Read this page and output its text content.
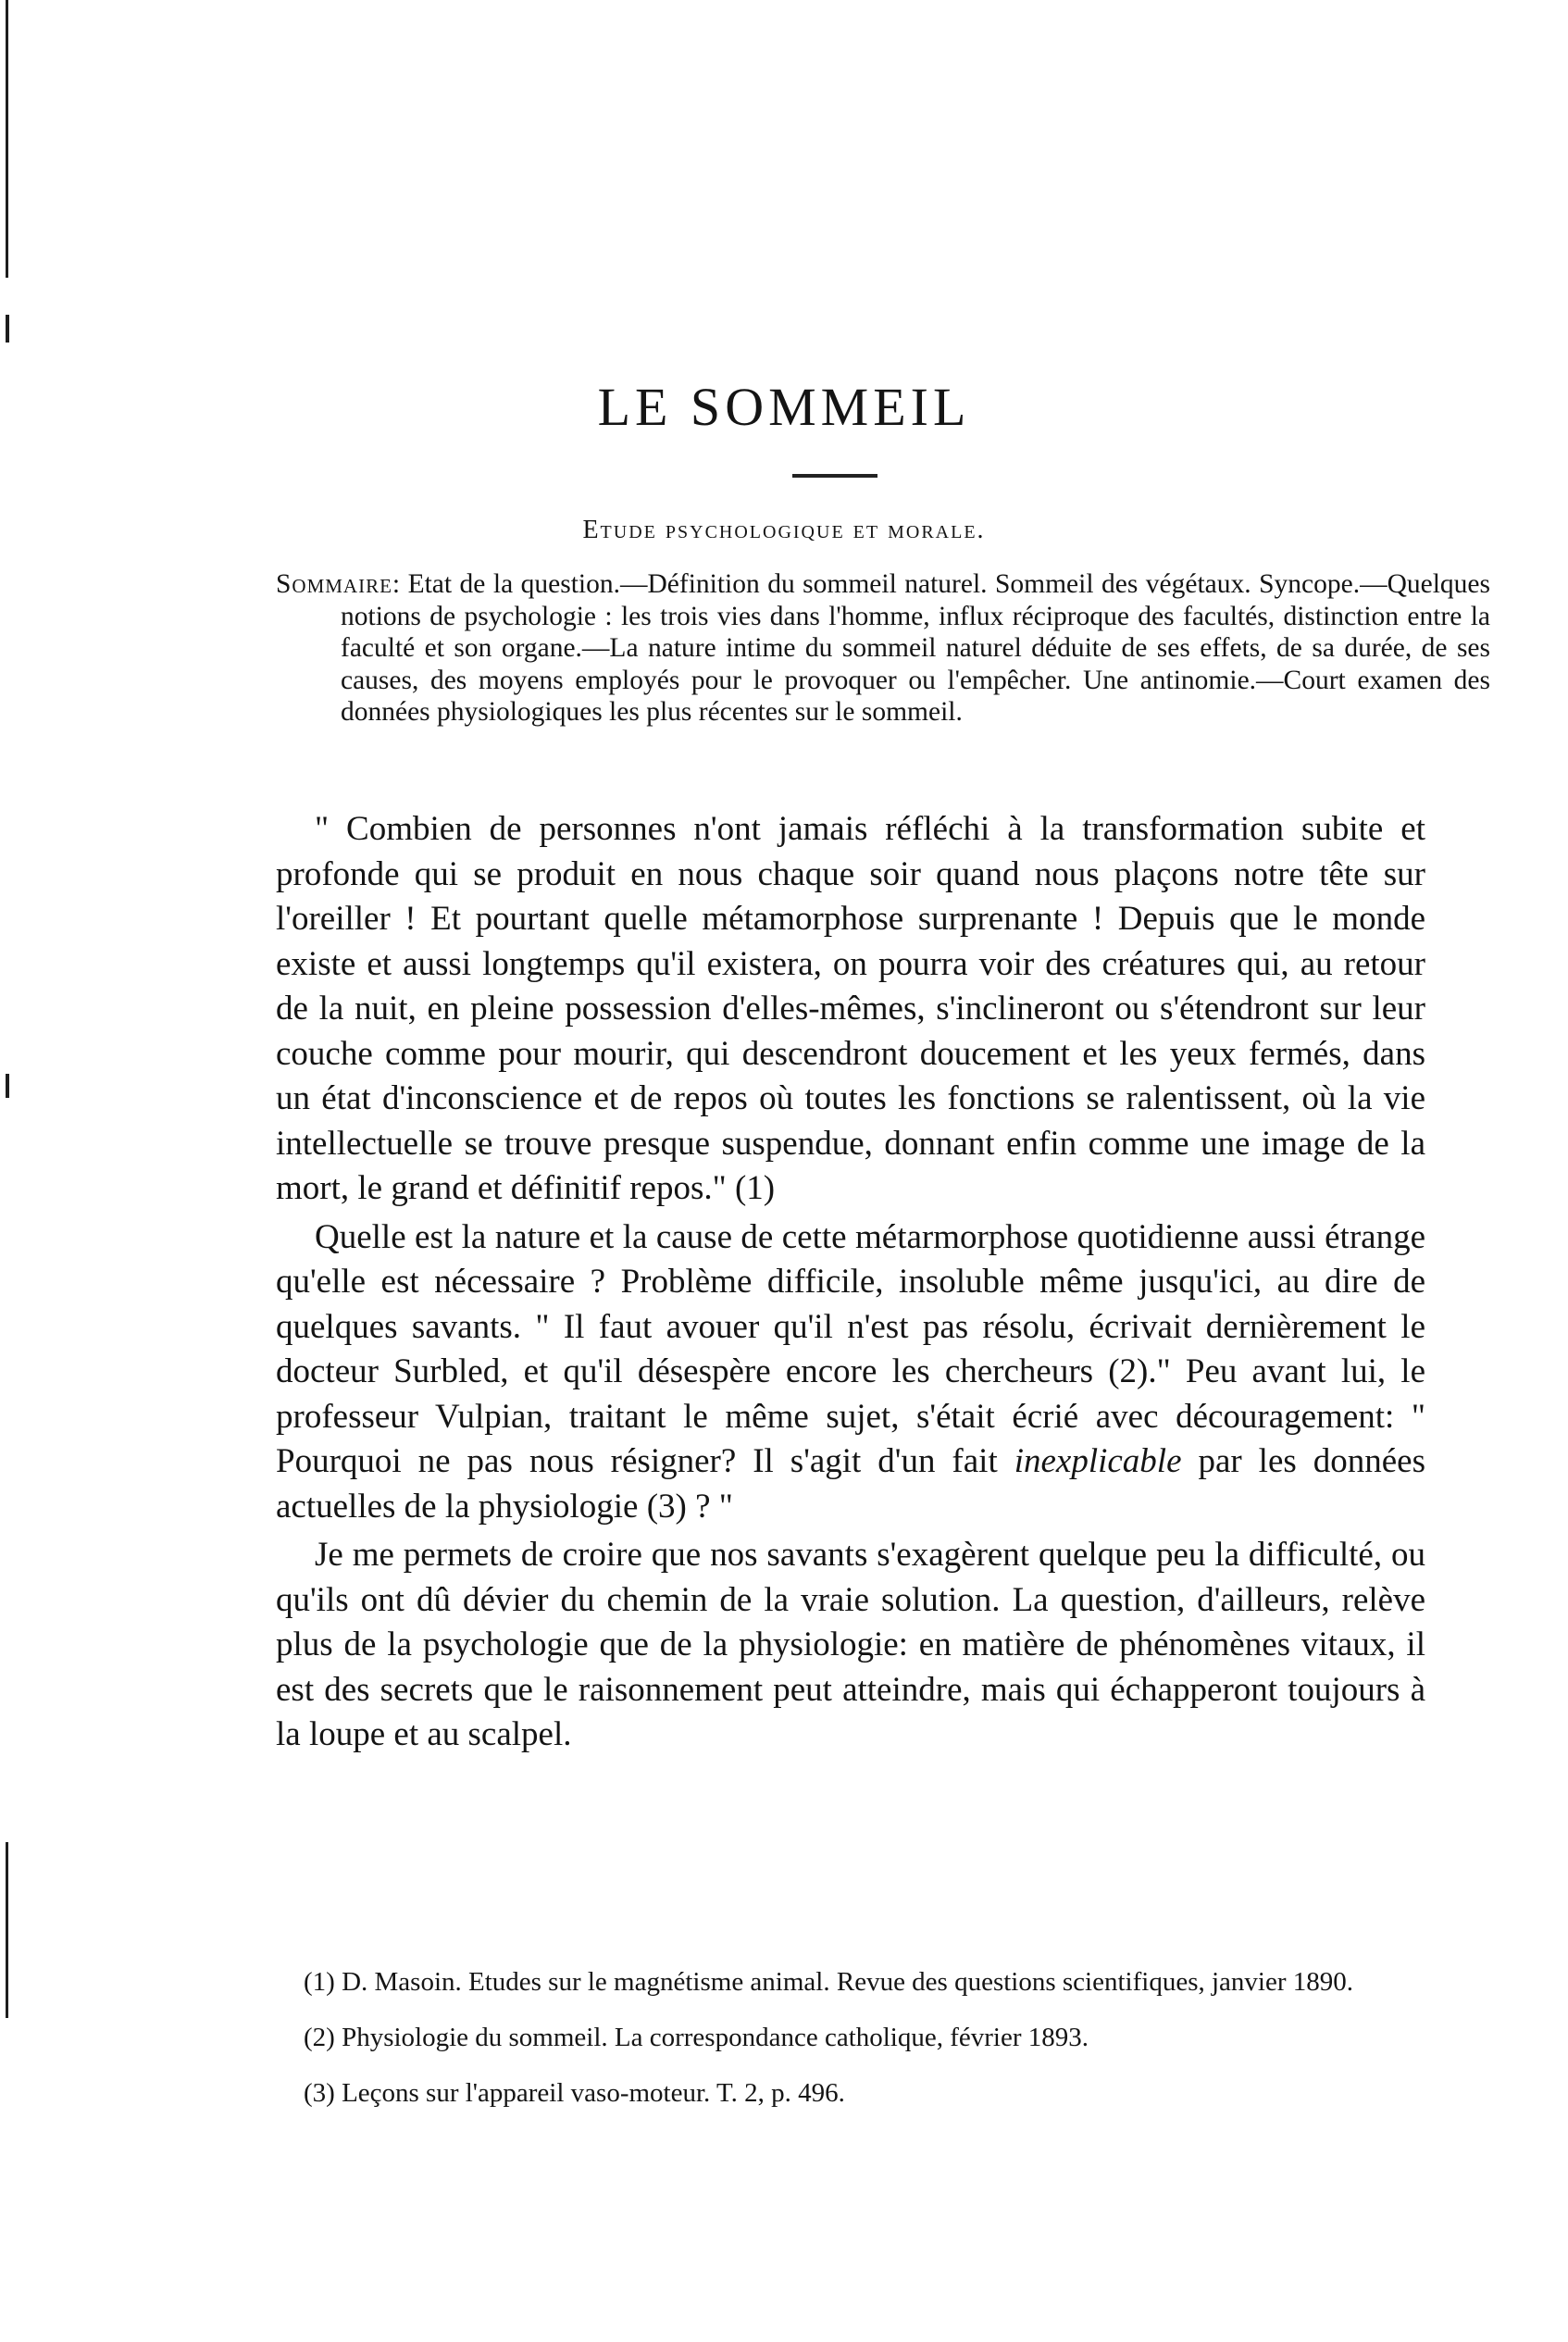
LE SOMMEIL
Etude psychologique et morale.
Sommaire: Etat de la question.—Définition du sommeil naturel. Sommeil des végétaux. Syncope.—Quelques notions de psychologie : les trois vies dans l'homme, influx réciproque des facultés, distinction entre la faculté et son organe.—La nature intime du sommeil naturel déduite de ses effets, de sa durée, de ses causes, des moyens employés pour le provoquer ou l'empêcher. Une antinomie.—Court examen des données physiologiques les plus récentes sur le sommeil.

" Combien de personnes n'ont jamais réfléchi à la transformation subite et profonde qui se produit en nous chaque soir quand nous plaçons notre tête sur l'oreiller ! Et pourtant quelle métamorphose surprenante ! Depuis que le monde existe et aussi longtemps qu'il existera, on pourra voir des créatures qui, au retour de la nuit, en pleine possession d'elles-mêmes, s'inclineront ou s'étendront sur leur couche comme pour mourir, qui descendront doucement et les yeux fermés, dans un état d'inconscience et de repos où toutes les fonctions se ralentissent, où la vie intellectuelle se trouve presque suspendue, donnant enfin comme une image de la mort, le grand et définitif repos." (1)

Quelle est la nature et la cause de cette métarmorphose quotidienne aussi étrange qu'elle est nécessaire ? Problème difficile, insoluble même jusqu'ici, au dire de quelques savants. " Il faut avouer qu'il n'est pas résolu, écrivait dernièrement le docteur Surbled, et qu'il désespère encore les chercheurs (2)." Peu avant lui, le professeur Vulpian, traitant le même sujet, s'était écrié avec découragement: " Pourquoi ne pas nous résigner? Il s'agit d'un fait inexplicable par les données actuelles de la physiologie (3) ? "

Je me permets de croire que nos savants s'exagèrent quelque peu la difficulté, ou qu'ils ont dû dévier du chemin de la vraie solution. La question, d'ailleurs, relève plus de la psychologie que de la physiologie: en matière de phénomènes vitaux, il est des secrets que le raisonnement peut atteindre, mais qui échapperont toujours à la loupe et au scalpel.

(1) D. Masoin. Etudes sur le magnétisme animal. Revue des questions scientifiques, janvier 1890.

(2) Physiologie du sommeil. La correspondance catholique, février 1893.

(3) Leçons sur l'appareil vaso-moteur. T. 2, p. 496.
